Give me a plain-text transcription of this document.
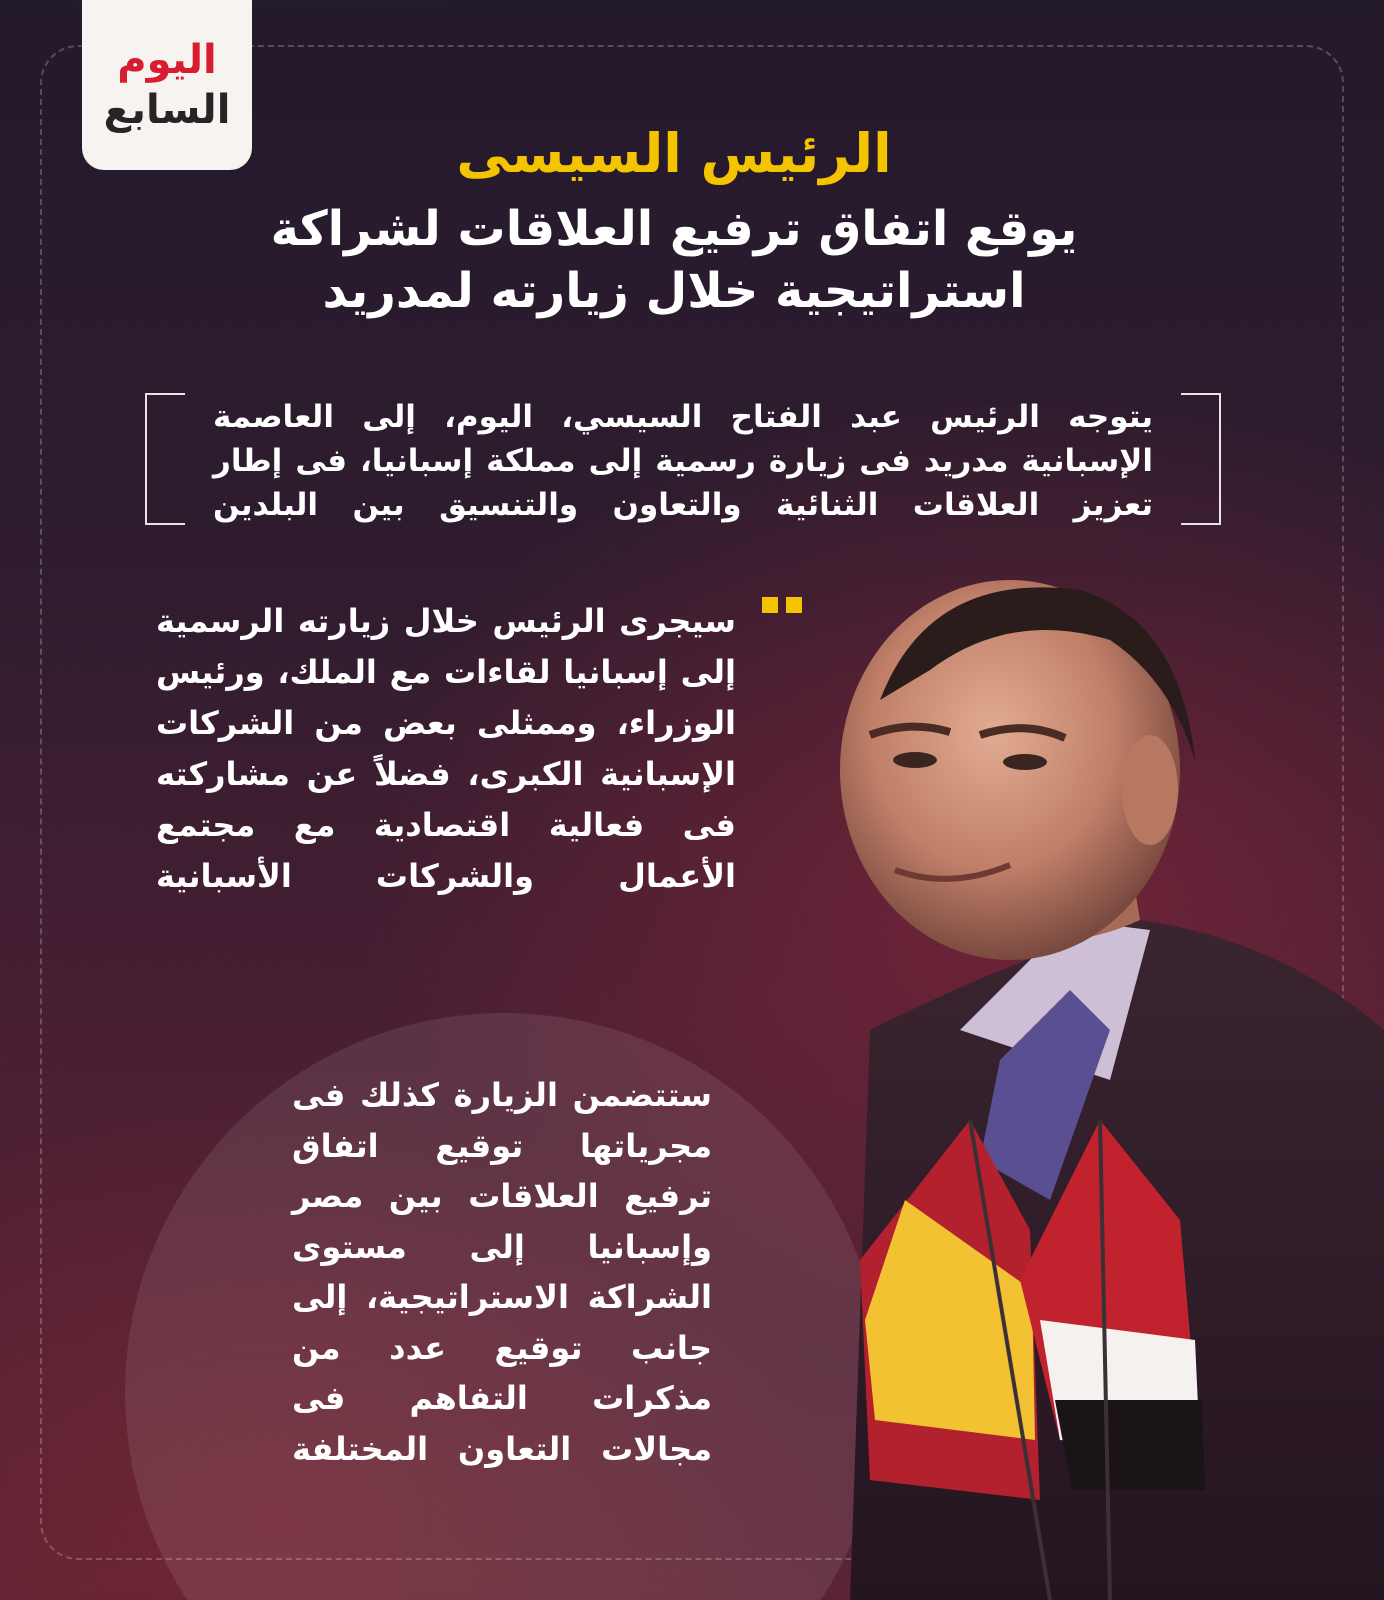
اليوم
السابع
الرئيس السيسى
يوقع اتفاق ترفيع العلاقات لشراكة
استراتيجية خلال زيارته لمدريد

يتوجه الرئيس عبد الفتاح السيسي، اليوم، إلى العاصمة
الإسبانية مدريد فى زيارة رسمية إلى مملكة إسبانيا، فى إطار
تعزيز العلاقات الثنائية والتعاون والتنسيق بين البلدين

سيجرى الرئيس خلال زيارته الرسمية
إلى إسبانيا لقاءات مع الملك، ورئيس
الوزراء، وممثلى بعض من الشركات
الإسبانية الكبرى، فضلاً عن مشاركته
فى فعالية اقتصادية مع مجتمع
الأعمال والشركات الأسبانية
ستتضمن الزيارة كذلك فى
مجرياتها توقيع اتفاق
ترفيع العلاقات بين مصر
وإسبانيا إلى مستوى
الشراكة الاستراتيجية، إلى
جانب توقيع عدد من
مذكرات التفاهم فى
مجالات التعاون المختلفة
